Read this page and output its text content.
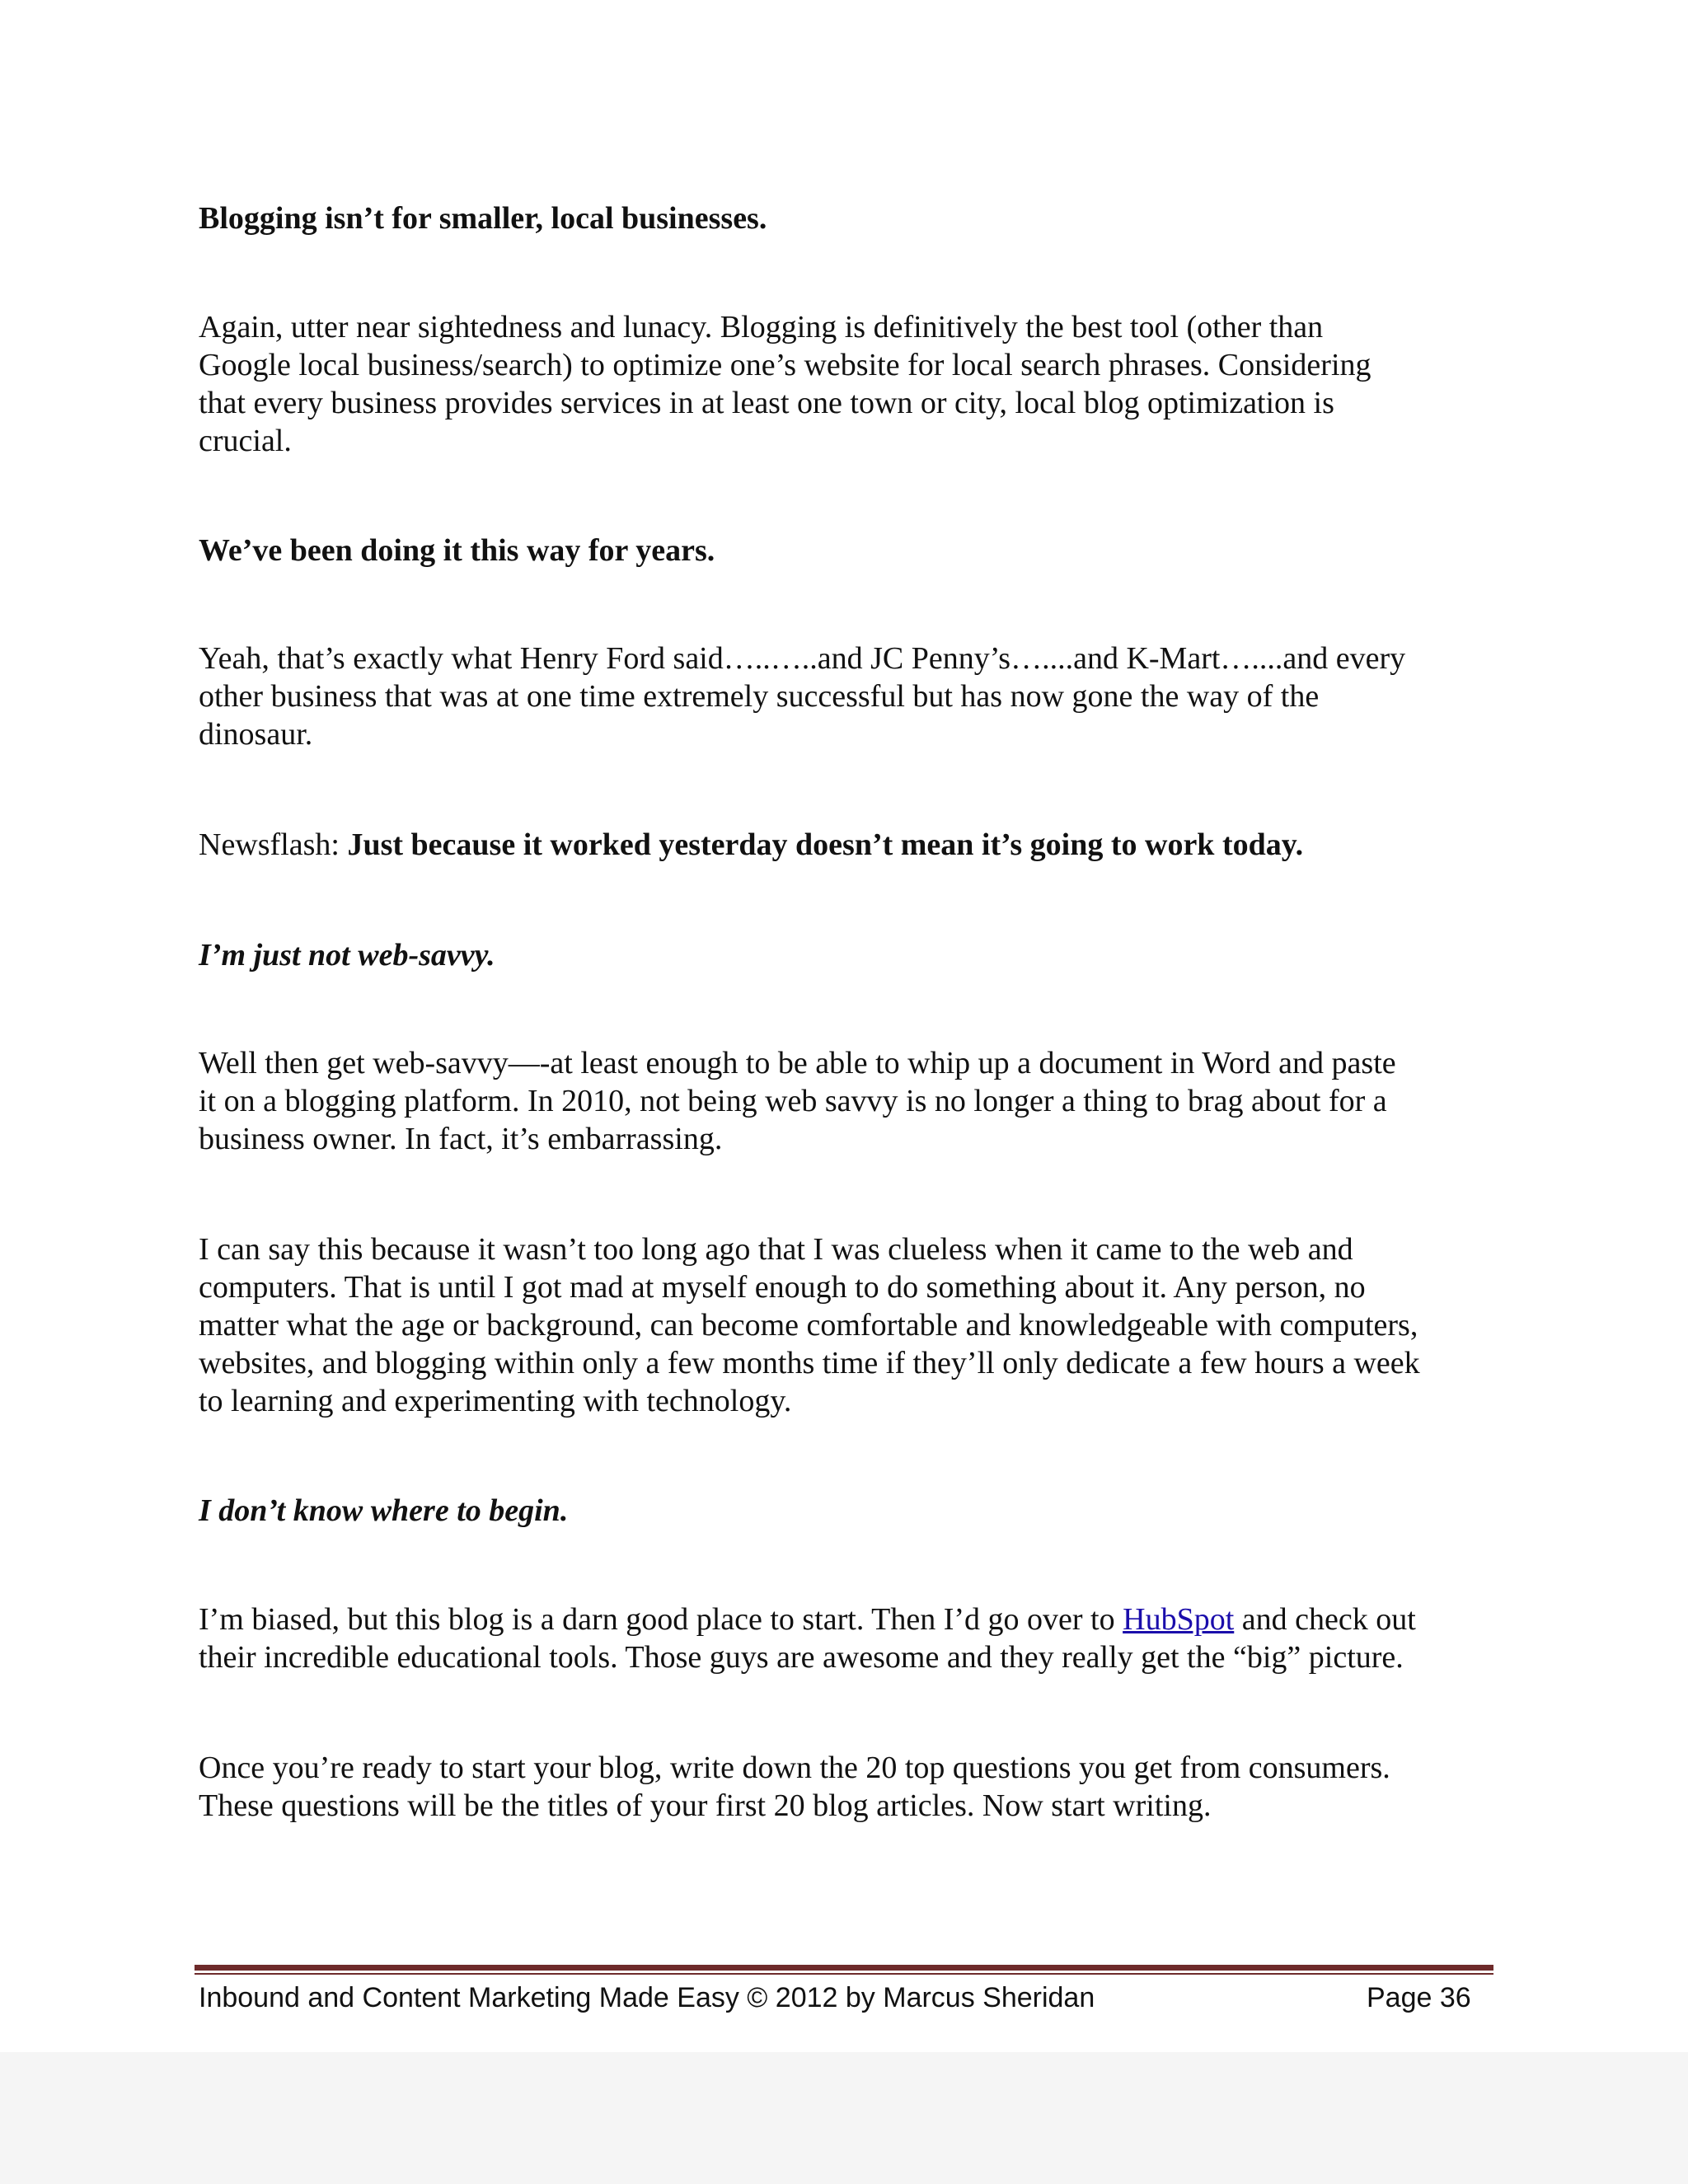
Blogging isn’t for smaller, local businesses.
Again, utter near sightedness and lunacy. Blogging is definitively the best tool (other than
Google local business/search) to optimize one’s website for local search phrases. Considering
that every business provides services in at least one town or city, local blog optimization is
crucial.
We’ve been doing it this way for years.
Yeah, that’s exactly what Henry Ford said…..…..and JC Penny’s…....and K-Mart…....and every
other business that was at one time extremely successful but has now gone the way of the
dinosaur.
Newsflash: Just because it worked yesterday doesn’t mean it’s going to work today.
I’m just not web-savvy.
Well then get web-savvy—-at least enough to be able to whip up a document in Word and paste
it on a blogging platform. In 2010, not being web savvy is no longer a thing to brag about for a
business owner. In fact, it’s embarrassing.
I can say this because it wasn’t too long ago that I was clueless when it came to the web and
computers. That is until I got mad at myself enough to do something about it. Any person, no
matter what the age or background, can become comfortable and knowledgeable with computers,
websites, and blogging within only a few months time if they’ll only dedicate a few hours a week
to learning and experimenting with technology.
I don’t know where to begin.
I’m biased, but this blog is a darn good place to start. Then I’d go over to HubSpot and check out
their incredible educational tools. Those guys are awesome and they really get the “big” picture.
Once you’re ready to start your blog, write down the 20 top questions you get from consumers.
These questions will be the titles of your first 20 blog articles. Now start writing.
Inbound and Content Marketing Made Easy © 2012 by Marcus Sheridan	Page 36
